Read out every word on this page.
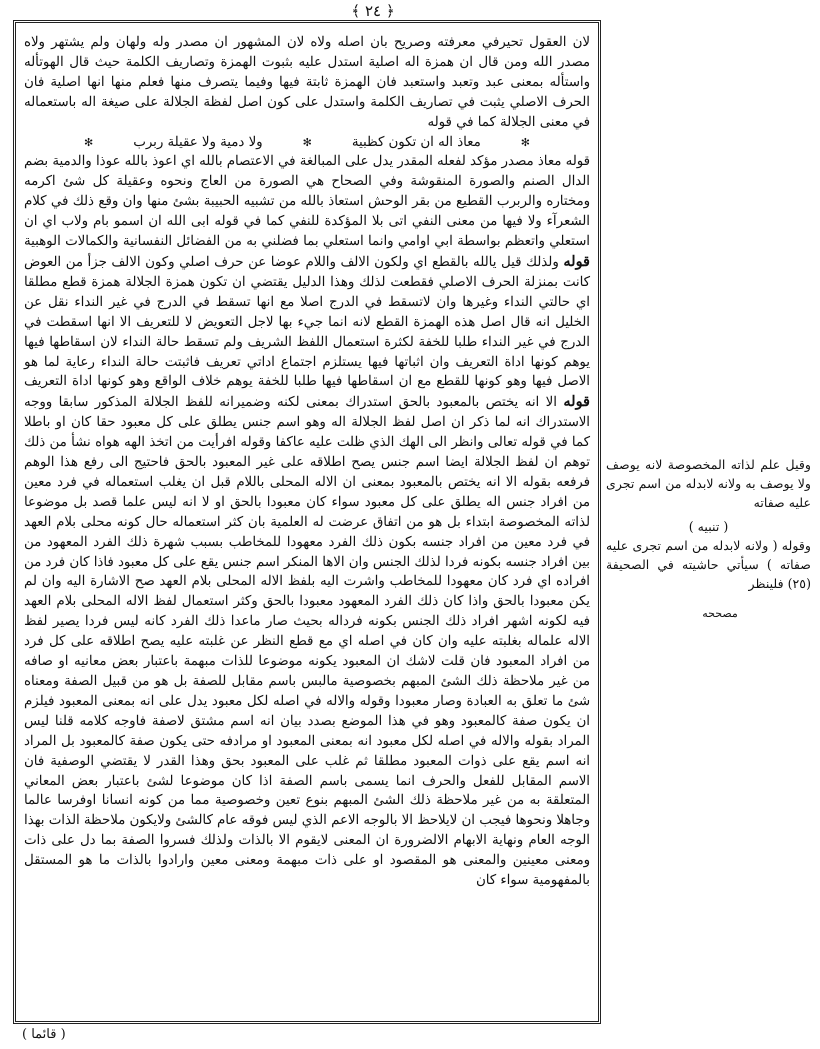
﴿ ٢٤ ﴾

لان العقول تحيرفي معرفته وصريح بان اصله ولاه لان المشهور ان مصدر وله ولهان ولم يشتهر ولاه مصدر الله ومن قال ان همزة اله اصلية استدل عليه بثبوت الهمزة وتصاريف الكلمة حيث قال الهوتأله واستأله بمعنى عبد وتعبد واستعبد فان الهمزة ثابتة فيها وفيما يتصرف منها فعلم منها انها اصلية فان الحرف الاصلي يثبت في تصاريف الكلمة واستدل على كون اصل لفظة الجلالة على صيغة اله باستعماله في معنى الجلالة كما في قوله

✻
معاذ اله ان تكون كظبية
✻
ولا دمية ولا عقيلة ربرب
✻

قوله معاذ مصدر مؤكد لفعله المقدر يدل على المبالغة في الاعتصام بالله اي اعوذ بالله عوذا والدمية بضم الدال الصنم والصورة المنقوشة وفي الصحاح هي الصورة من العاج ونحوه وعقيلة كل شئ اكرمه ومختاره والربرب القطيع من بقر الوحش استعاذ بالله من تشبيه الحبيبة بشئ منها وان وقع ذلك في كلام الشعرآء ولا فيها من معنى النفي اتى بلا المؤكدة للنفي كما في قوله ابى الله ان اسمو بام ولاب اي ان استعلي واتعظم بواسطة ابي اوامي وانما استعلي بما فضلني به من الفضائل النفسانية والكمالات الوهبية قوله ولذلك قيل يالله بالقطع اي ولكون الالف واللام عوضا عن حرف اصلي وكون الالف جزأ من العوض كانت بمنزلة الحرف الاصلي فقطعت لذلك وهذا الدليل يقتضي ان تكون همزة الجلالة همزة قطع مطلقا اي حالتي النداء وغيرها وان لاتسقط في الدرج اصلا مع انها تسقط في الدرج في غير النداء نقل عن الخليل انه قال اصل هذه الهمزة القطع لانه انما جيء بها لاجل التعويض لا للتعريف الا انها اسقطت في الدرج في غير النداء طلبا للخفة لكثرة استعمال اللفظ الشريف ولم تسقط حالة النداء لان اسقاطها فيها يوهم كونها اداة التعريف وان اثباتها فيها يستلزم اجتماع اداتي تعريف فاثبتت حالة النداء رعاية لما هو الاصل فيها وهو كونها للقطع مع ان اسقاطها فيها طلبا للخفة يوهم خلاف الواقع وهو كونها اداة التعريف قوله الا انه يختص بالمعبود بالحق استدراك بمعنى لكنه وضميرانه للفظ الجلالة المذكور سابقا ووجه الاستدراك انه لما ذكر ان اصل لفظ الجلالة اله وهو اسم جنس يطلق على كل معبود حقا كان او باطلا كما في قوله تعالى وانظر الى الهك الذي ظلت عليه عاكفا وقوله افرأيت من اتخذ الهه هواه نشأ من ذلك توهم ان لفظ الجلالة ايضا اسم جنس يصح اطلاقه على غير المعبود بالحق فاحتيج الى رفع هذا الوهم فرفعه بقوله الا انه يختص بالمعبود بمعنى ان الاله المحلى باللام قبل ان يغلب استعماله في فرد معين من افراد جنس اله يطلق على كل معبود سواء كان معبودا بالحق او لا انه ليس علما قصد بل موضوعا لذاته المخصوصة ابتداء بل هو من اتفاق عرضت له العلمية بان كثر استعماله حال كونه محلى بلام العهد في فرد معين من افراد جنسه بكون ذلك الفرد معهودا للمخاطب بسبب شهرة ذلك الفرد المعهود من بين افراد جنسه بكونه فردا لذلك الجنس وان الاها المنكر اسم جنس يقع على كل معبود فاذا كان فرد من افراده اي فرد كان معهودا للمخاطب واشرت اليه بلفظ الاله المحلى بلام العهد صح الاشارة اليه وان لم يكن معبودا بالحق واذا كان ذلك الفرد المعهود معبودا بالحق وكثر استعمال لفظ الاله المحلى بلام العهد فيه لكونه اشهر افراد ذلك الجنس بكونه فرداله بحيث صار ماعدا ذلك الفرد كانه ليس فردا يصير لفظ الاله علماله بغلبته عليه وان كان في اصله اي مع قطع النظر عن غلبته عليه يصح اطلاقه على كل فرد من افراد المعبود فان قلت لاشك ان المعبود يكونه موضوعا للذات مبهمة باعتبار بعض معانيه او صافه من غير ملاحظة ذلك الشئ المبهم بخصوصية مالبس باسم مقابل للصفة بل هو من قبيل الصفة ومعناه شئ ما تعلق به العبادة وصار معبودا وقوله والاله في اصله لكل معبود يدل على انه بمعنى المعبود فيلزم ان يكون صفة كالمعبود وهو في هذا الموضع بصدد بيان انه اسم مشتق لاصفة فاوجه كلامه قلنا ليس المراد بقوله والاله في اصله لكل معبود انه بمعنى المعبود او مرادفه حتى يكون صفة كالمعبود بل المراد انه اسم يقع على ذوات المعبود مطلقا ثم غلب على المعبود بحق وهذا القدر لا يقتضي الوصفية فان الاسم المقابل للفعل والحرف انما يسمى باسم الصفة اذا كان موضوعا لشئ باعتبار بعض المعاني المتعلقة به من غير ملاحظة ذلك الشئ المبهم بنوع تعين وخصوصية مما من كونه انسانا اوفرسا عالما وجاهلا ونحوها فيجب ان لايلاحظ الا بالوجه الاعم الذي ليس فوقه عام كالشئ ولايكون ملاحظة الذات بهذا الوجه العام ونهاية الابهام الالضرورة ان المعنى لايقوم الا بالذات ولذلك فسروا الصفة بما دل على ذات ومعنى معينين والمعنى هو المقصود او على ذات مبهمة ومعنى معين وارادوا بالذات ما هو المستقل بالمفهومية سواء كان

( قائما )
وقيل علم لذاته المخصوصة لانه يوصف ولا يوصف به ولانه لابدله من اسم تجرى عليه صفاته
( تنبيه )
وقوله ( ولانه لابدله من اسم تجرى عليه صفاته ) سيأتي حاشيته في الصحيفة (٢٥) فلينظر
مصححه
